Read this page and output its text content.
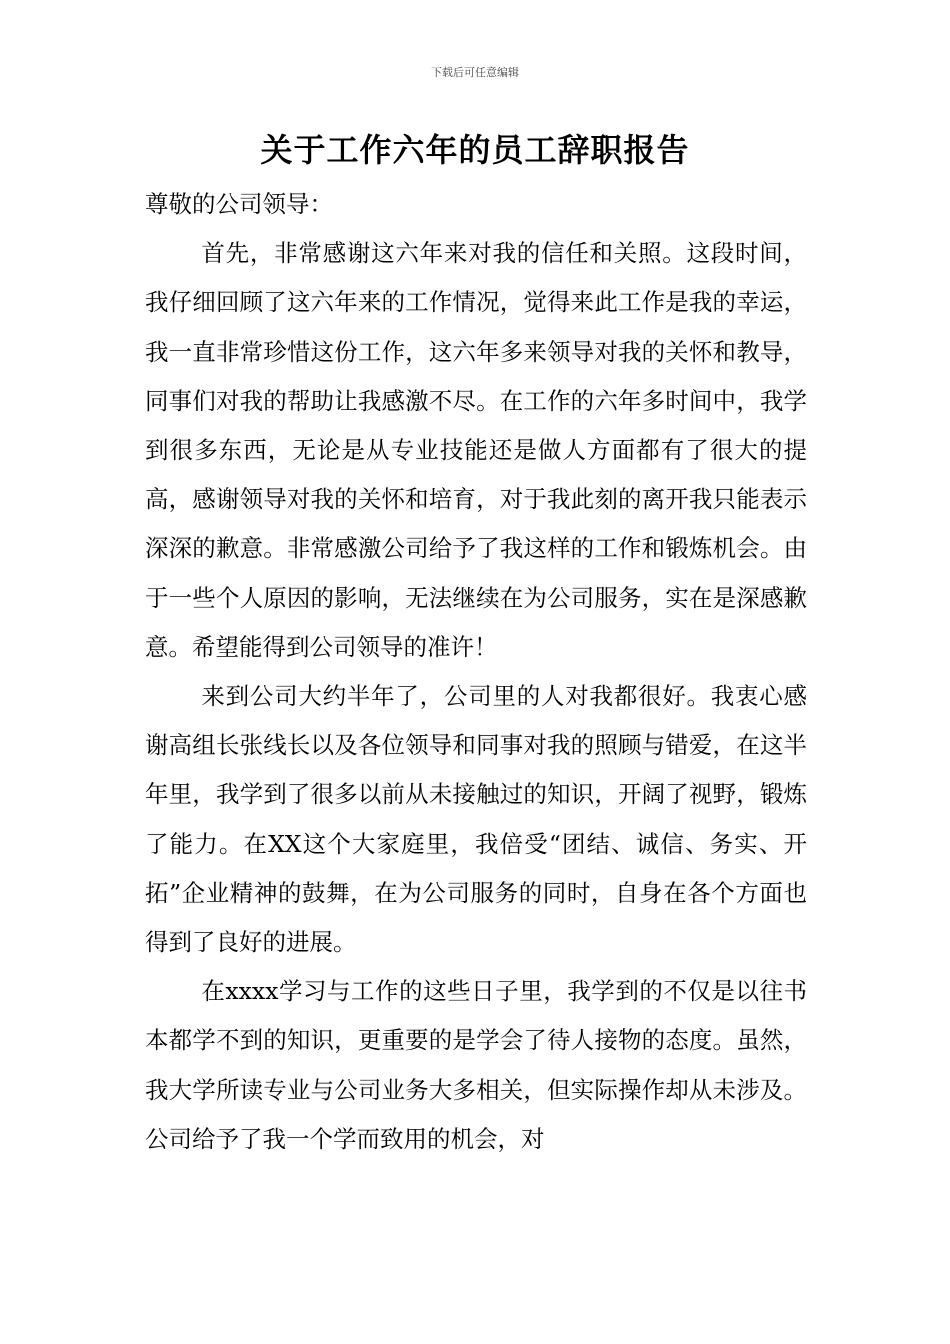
下载后可任意编辑
关于工作六年的员工辞职报告

尊敬的公司领导：

首先，非常感谢这六年来对我的信任和关照。这段时间，我仔细回顾了这六年来的工作情况，觉得来此工作是我的幸运，我一直非常珍惜这份工作，这六年多来领导对我的关怀和教导，同事们对我的帮助让我感激不尽。在工作的六年多时间中，我学到很多东西，无论是从专业技能还是做人方面都有了很大的提高，感谢领导对我的关怀和培育，对于我此刻的离开我只能表示深深的歉意。非常感激公司给予了我这样的工作和锻炼机会。由于一些个人原因的影响，无法继续在为公司服务，实在是深感歉意。希望能得到公司领导的准许！

来到公司大约半年了，公司里的人对我都很好。我衷心感谢高组长张线长以及各位领导和同事对我的照顾与错爱，在这半年里，我学到了很多以前从未接触过的知识，开阔了视野，锻炼了能力。在XX这个大家庭里，我倍受“团结、诚信、务实、开拓”企业精神的鼓舞，在为公司服务的同时，自身在各个方面也得到了良好的进展。

在xxxx学习与工作的这些日子里，我学到的不仅是以往书本都学不到的知识，更重要的是学会了待人接物的态度。虽然，我大学所读专业与公司业务大多相关，但实际操作却从未涉及。公司给予了我一个学而致用的机会，对
